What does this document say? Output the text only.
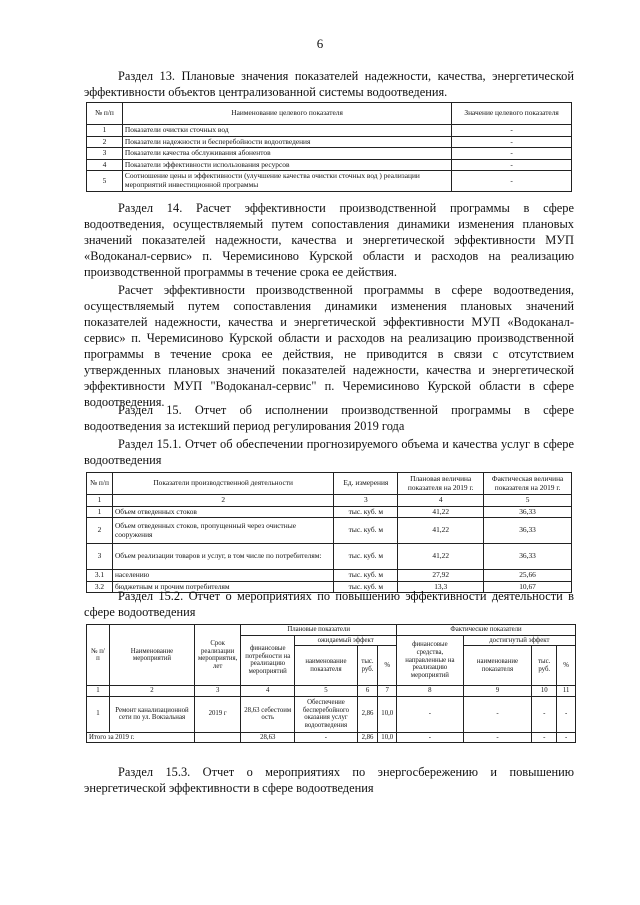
6
Раздел 13. Плановые значения показателей надежности, качества, энергетической эффективности объектов централизованной системы водоотведения.
№ п/п	Наименование целевого показателя	Значение целевого показателя
1	Показатели очистки сточных вод	-
2	Показатели надежности и бесперебойности водоотведения	-
3	Показатели качества обслуживания абонентов	-
4	Показатели эффективности использования ресурсов	-
5	Соотношение цены и эффективности (улучшение качества очистки сточных вод ) реализации мероприятий инвестиционной программы	-
Раздел 14. Расчет эффективности производственной программы в сфере водоотведения, осуществляемый путем сопоставления динамики изменения плановых значений показателей надежности, качества и энергетической эффективности МУП «Водоканал-сервис» п. Черемисиново Курской области и расходов на реализацию производственной программы в течение срока ее действия.
Расчет эффективности производственной программы в сфере водоотведения, осуществляемый путем сопоставления динамики изменения плановых значений показателей надежности, качества и энергетической эффективности МУП «Водоканал-сервис» п. Черемисиново Курской области и расходов на реализацию производственной программы в течение срока ее действия, не приводится в связи с отсутствием утвержденных плановых значений показателей надежности, качества и энергетической эффективности МУП "Водоканал-сервис" п. Черемисиново Курской области в сфере водоотведения.
Раздел 15. Отчет об исполнении производственной программы в сфере водоотведения за истекший период регулирования 2019 года
Раздел 15.1. Отчет об обеспечении прогнозируемого объема и качества услуг в сфере водоотведения
№ п/п	Показатели производственной деятельности	Ед. измерения	Плановая величина показателя на 2019 г.	Фактическая величина показателя на 2019 г.
1	2	3	4	5
1	Объем отведенных стоков	тыс. куб. м	41,22	36,33
2	Объем отведенных стоков, пропущенный через очистные сооружения	тыс. куб. м	41,22	36,33
3	Объем реализации товаров и услуг, в том числе по потребителям:	тыс. куб. м	41,22	36,33
3.1	населению	тыс. куб. м	27,92	25,66
3.2	бюджетным и прочим потребителям	тыс. куб. м	13,3	10,67
Раздел 15.2. Отчет о мероприятиях по повышению эффективности деятельности в сфере водоотведения
№ п/ п	Наименование мероприятий	Срок реализации мероприятия, лет	Плановые показатели				Фактические показатели			
			финансовые потребности на реализацию мероприятий	ожидаемый эффект			финансовые средства, направленные на реализацию мероприятий	достигнутый эффект		
				наименование показателя	тыс. руб.	%		наименование показателя	тыс. руб.	%
1	2	3	4	5	6	7	8	9	10	11
1	Ремонт канализационной сети по ул. Вокзальная	2019 г	28,63 себестоим ость	Обеспечение бесперебойного оказания услуг водоотведения	2,86	10,0	-	-	-	-
Итого за 2019 г.			28,63	-	2,86	10,0	-	-	-	-
Раздел 15.3. Отчет о мероприятиях по энергосбережению и повышению энергетической эффективности в сфере водоотведения
